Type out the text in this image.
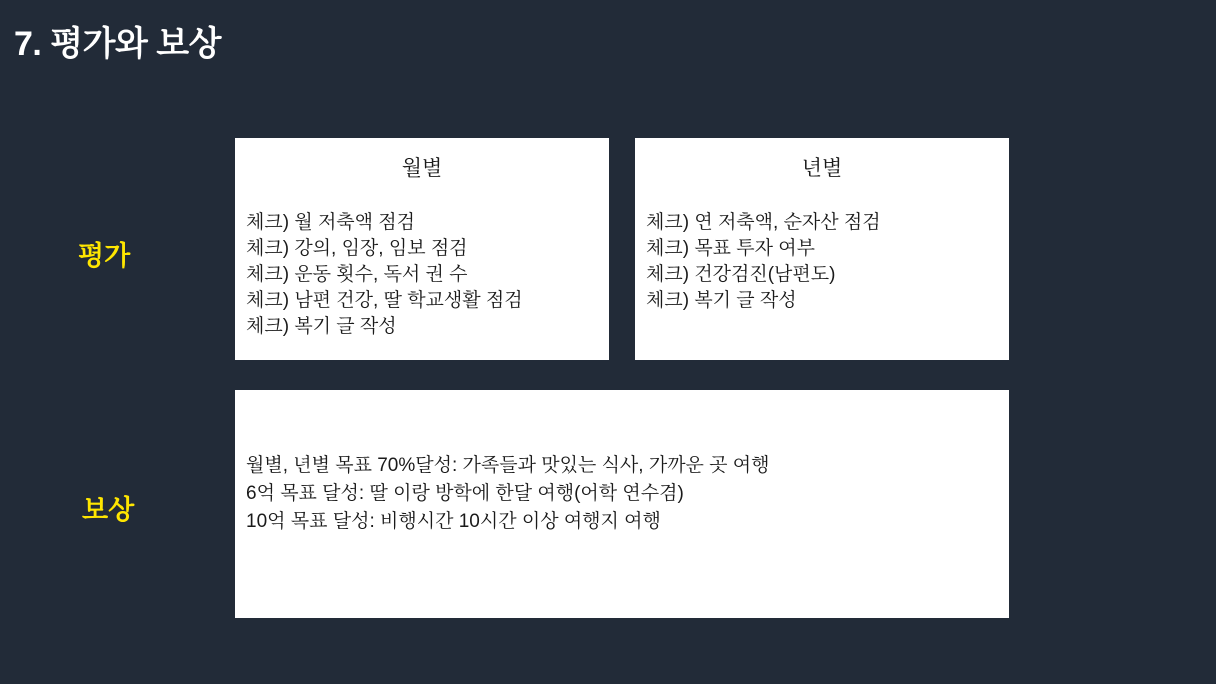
7. 평가와 보상
평가
보상
월별
체크) 월 저축액 점검
체크) 강의, 임장, 임보 점검
체크) 운동 횟수, 독서 권 수
체크) 남편 건강, 딸 학교생활 점검
체크) 복기 글 작성
년별
체크) 연 저축액, 순자산 점검
체크) 목표 투자 여부
체크) 건강검진(남편도)
체크) 복기 글 작성
월별, 년별 목표 70%달성: 가족들과 맛있는 식사, 가까운 곳 여행
6억 목표 달성: 딸 이랑 방학에 한달 여행(어학 연수겸)
10억 목표 달성: 비행시간 10시간 이상 여행지 여행
